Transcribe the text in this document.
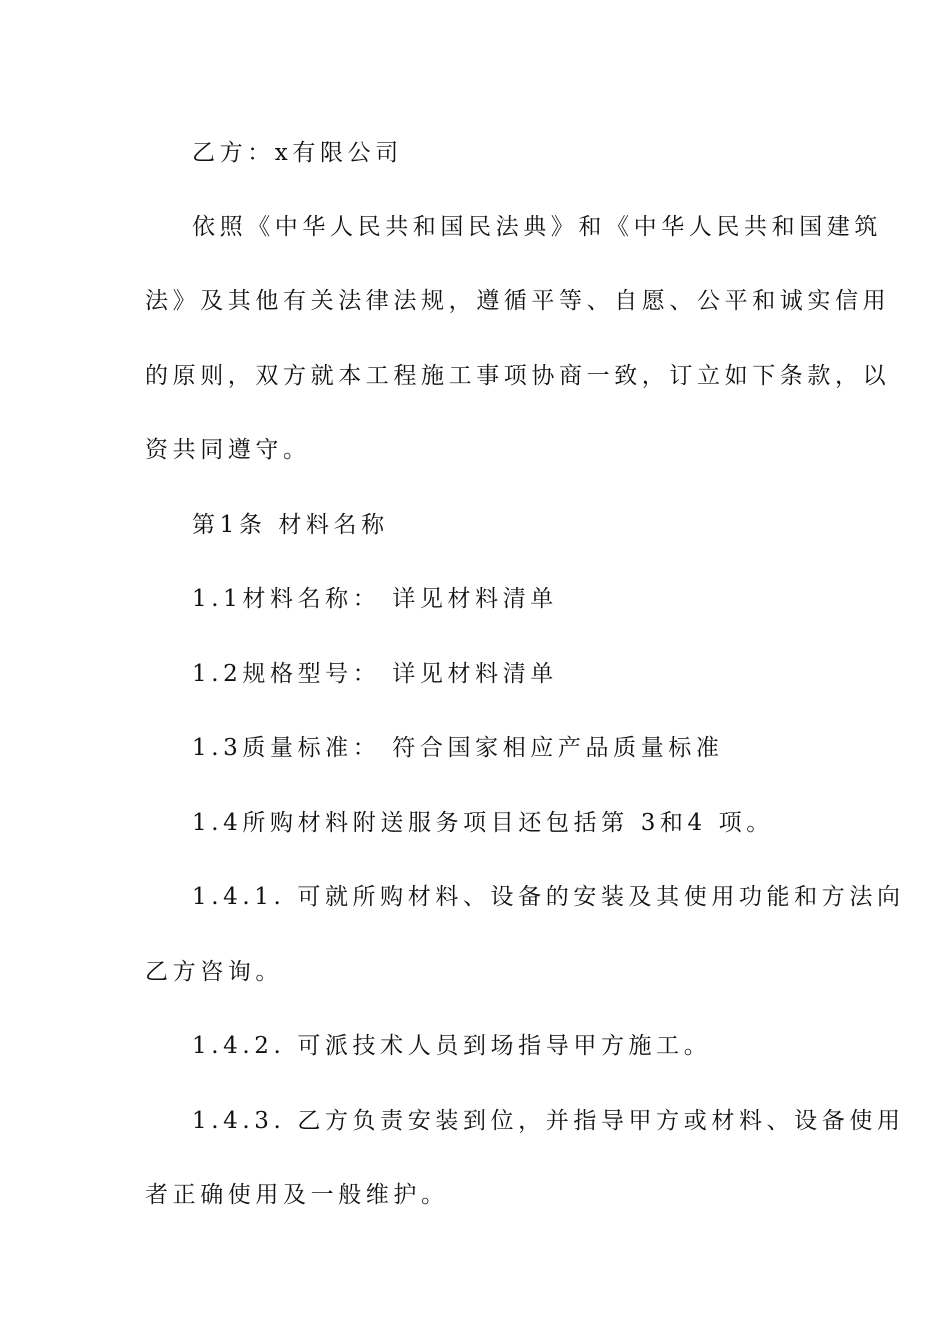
乙方：x有限公司

依照《中华人民共和国民法典》和《中华人民共和国建筑

法》及其他有关法律法规，遵循平等、自愿、公平和诚实信用

的原则，双方就本工程施工事项协商一致，订立如下条款，以

资共同遵守。

第1条 材料名称

1.1材料名称： 详见材料清单

1.2规格型号： 详见材料清单

1.3质量标准： 符合国家相应产品质量标准

1.4所购材料附送服务项目还包括第 3和4 项。

1.4.1. 可就所购材料、设备的安装及其使用功能和方法向

乙方咨询。

1.4.2. 可派技术人员到场指导甲方施工。

1.4.3. 乙方负责安装到位，并指导甲方或材料、设备使用

者正确使用及一般维护。
